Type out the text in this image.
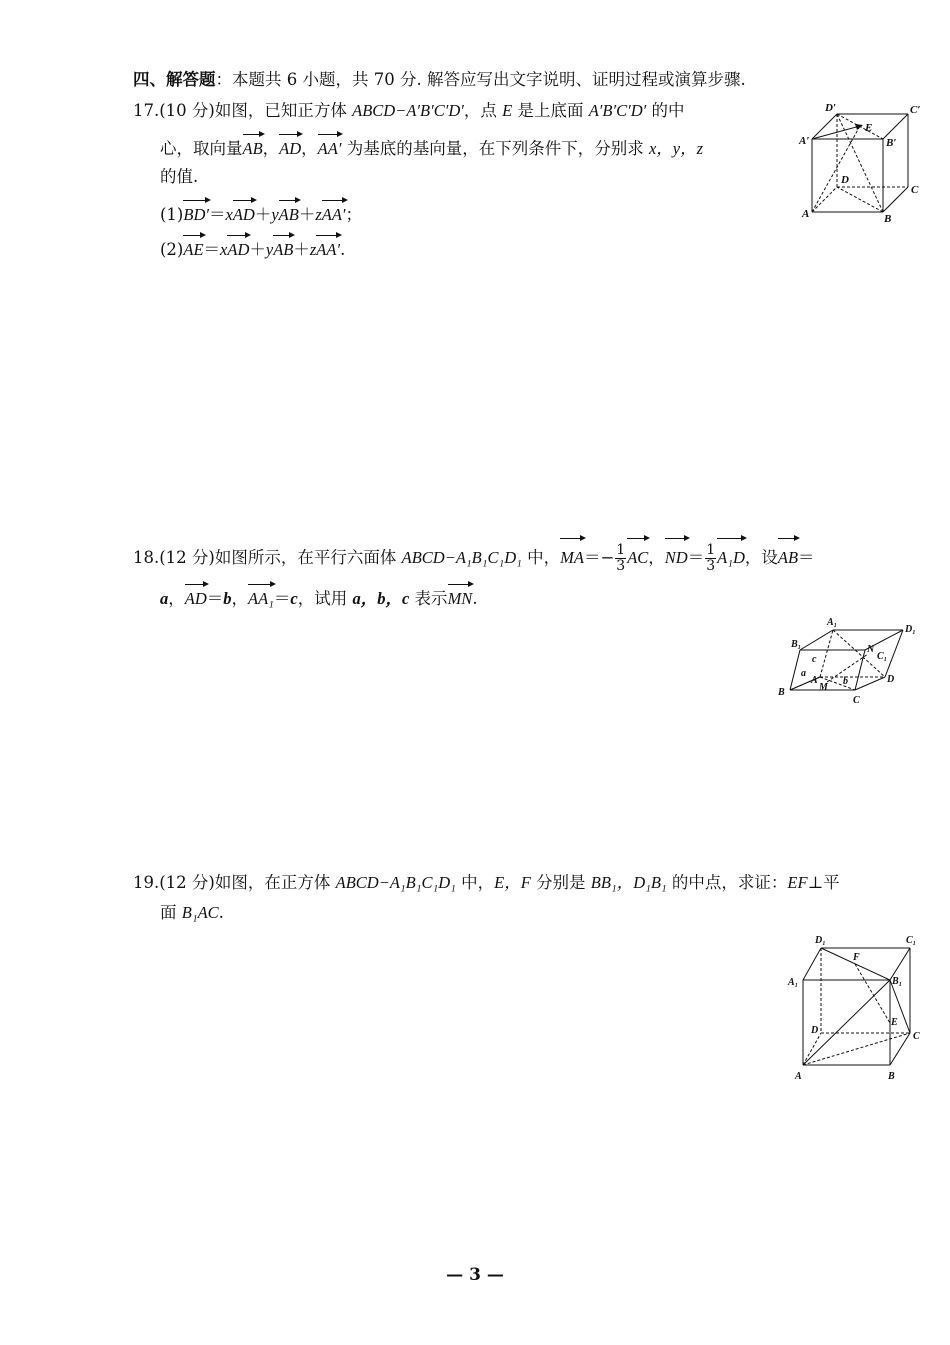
四、解答题：本题共 6 小题，共 70 分. 解答应写出文字说明、证明过程或演算步骤.
17.(10 分)如图，已知正方体 ABCD−A′B′C′D′，点 E 是上底面 A′B′C′D′ 的中
心，取向量AB，AD，AA′ 为基底的基向量，在下列条件下，分别求 x，y，z
的值.
(1)BD′＝xAD＋yAB＋zAA′；
(2)AE＝xAD＋yAB＋zAA′.
D′	C′
A′
E
B′
D
C
A	B
18.(12 分)如图所示，在平行六面体 ABCD−A₁B₁C₁D₁ 中，$MA=- \frac{1}{3}$ AC，$ND= \frac{1}{3} A_1D$，设AB＝
a，AD＝b，AA₁＝c，试用 a，b，c 表示MN.
A₁
D₁
B₁	N
C₁
c
a
A
M
b	D
B
C
19.(12 分)如图，在正方体 ABCD−A₁B₁C₁D₁ 中，E，F 分别是 BB₁，D₁B₁ 的中点，求证：EF⊥平
面 B₁AC.
D₁	C₁
F
A₁	B₁
E
D
C
A	B
— 3 —
